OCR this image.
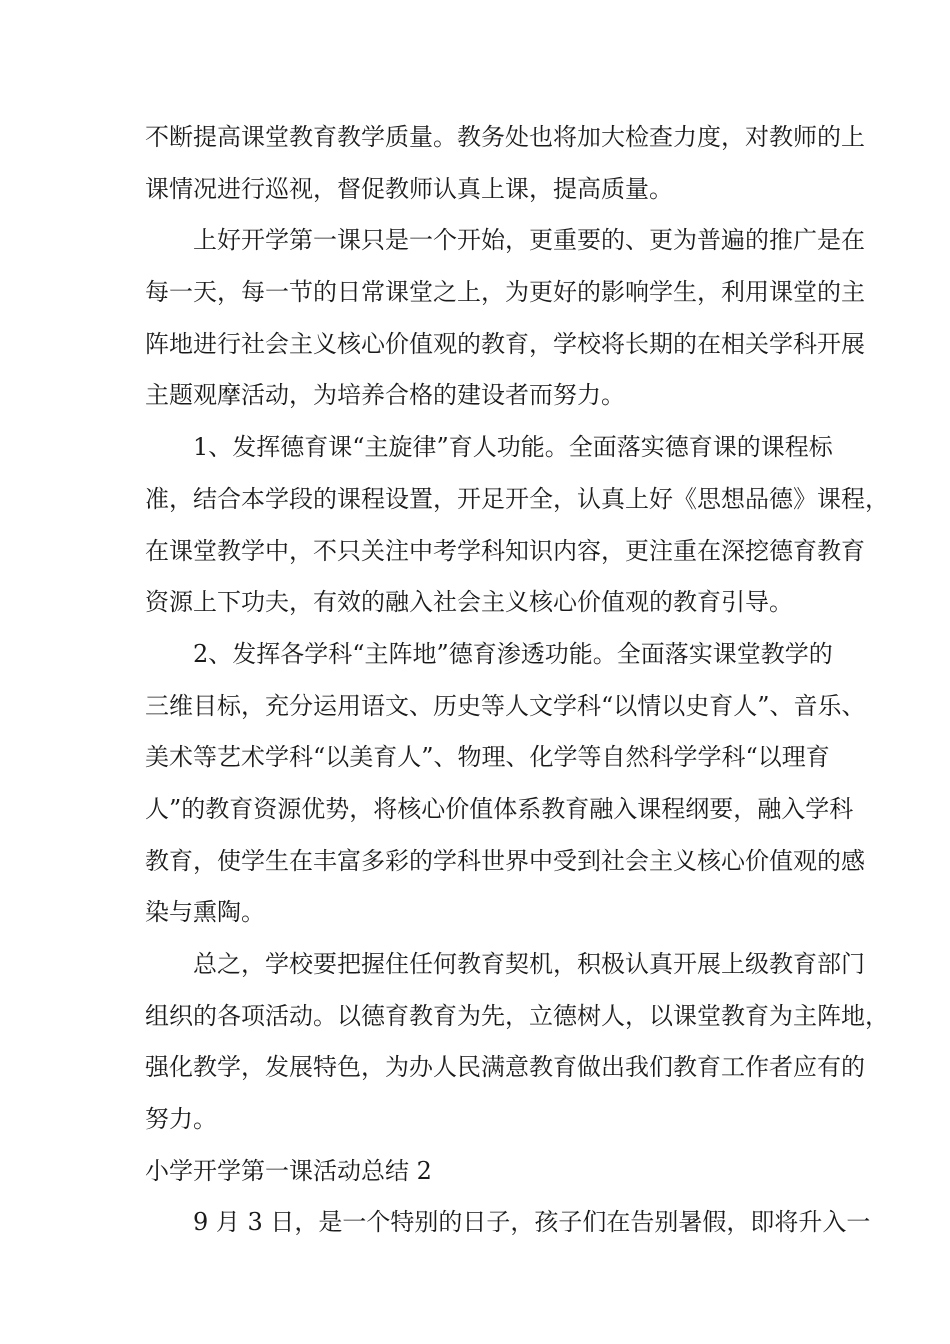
不断提高课堂教育教学质量。教务处也将加大检查力度，对教师的上
课情况进行巡视，督促教师认真上课，提高质量。
上好开学第一课只是一个开始，更重要的、更为普遍的推广是在
每一天，每一节的日常课堂之上，为更好的影响学生，利用课堂的主
阵地进行社会主义核心价值观的教育，学校将长期的在相关学科开展
主题观摩活动，为培养合格的建设者而努力。
1、发挥德育课“主旋律”育人功能。全面落实德育课的课程标
准，结合本学段的课程设置，开足开全，认真上好《思想品德》课程，
在课堂教学中，不只关注中考学科知识内容，更注重在深挖德育教育
资源上下功夫，有效的融入社会主义核心价值观的教育引导。
2、发挥各学科“主阵地”德育渗透功能。全面落实课堂教学的
三维目标，充分运用语文、历史等人文学科“以情以史育人”、音乐、
美术等艺术学科“以美育人”、物理、化学等自然科学学科“以理育
人”的教育资源优势，将核心价值体系教育融入课程纲要，融入学科
教育，使学生在丰富多彩的学科世界中受到社会主义核心价值观的感
染与熏陶。
总之，学校要把握住任何教育契机，积极认真开展上级教育部门
组织的各项活动。以德育教育为先，立德树人，以课堂教育为主阵地，
强化教学，发展特色，为办人民满意教育做出我们教育工作者应有的
努力。
小学开学第一课活动总结 2
9 月 3 日，是一个特别的日子，孩子们在告别暑假，即将升入一
